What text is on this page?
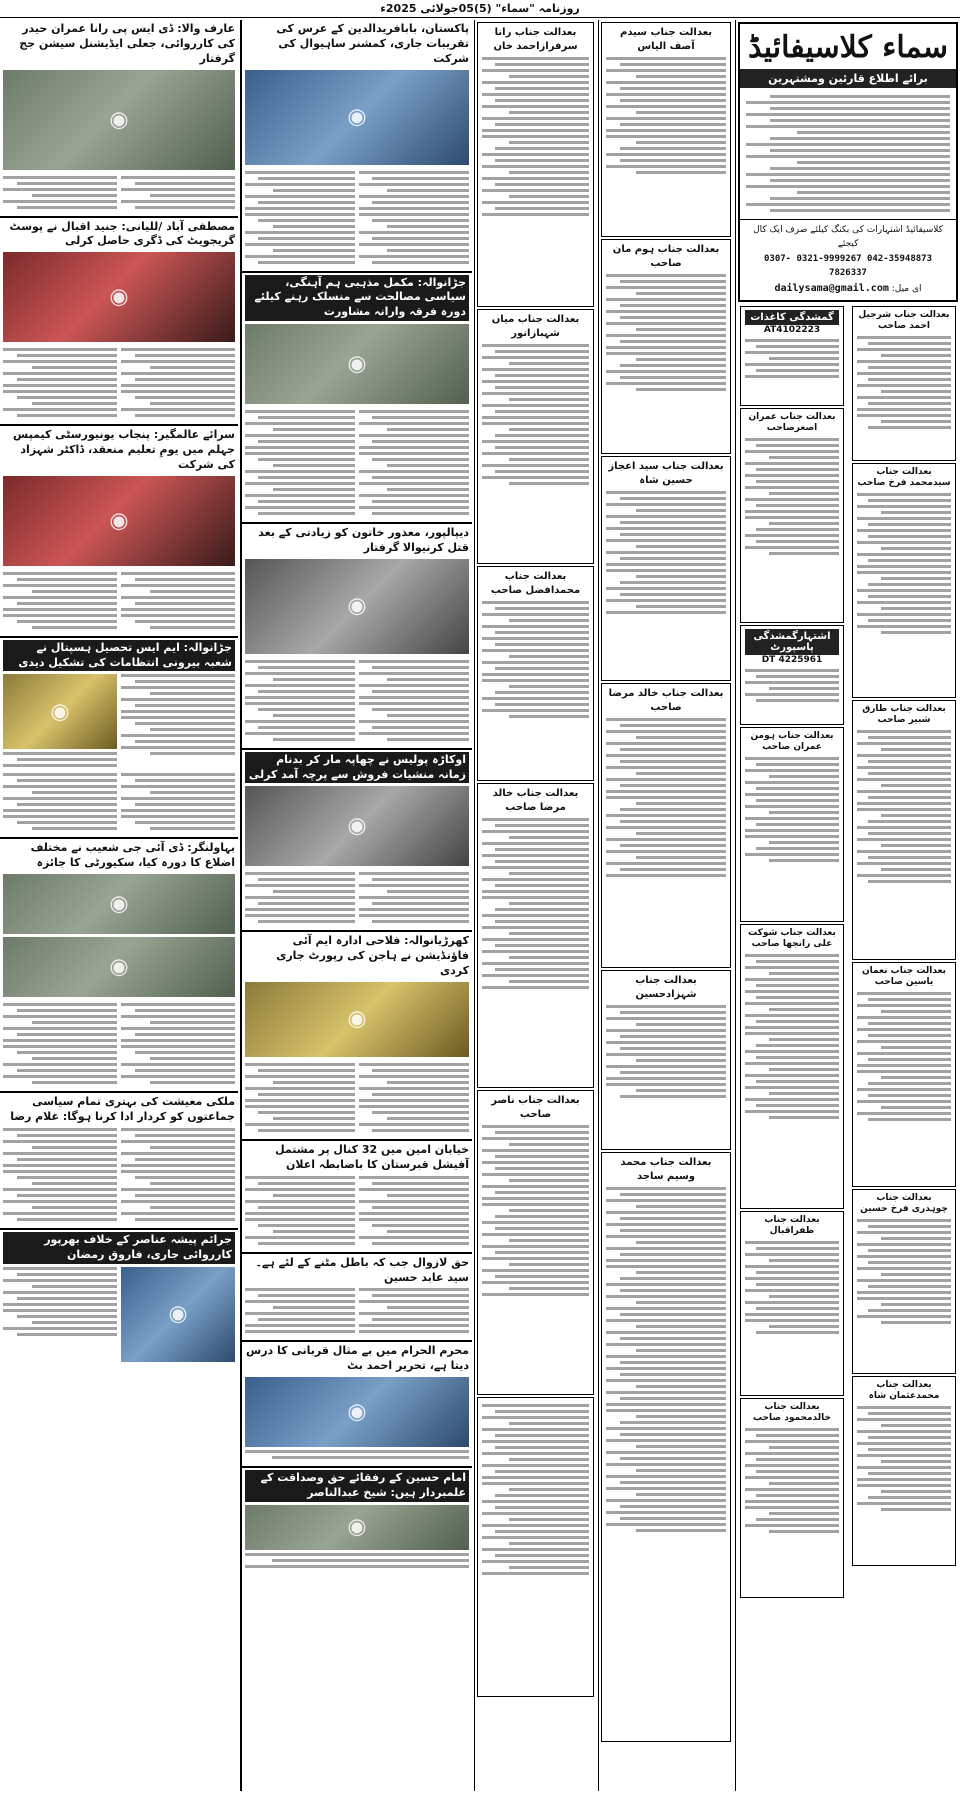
روزنامہ "سماء" (5)05جولائی 2025ء
سماء کلاسیفائیڈ
برائے اطلاع قارئین ومشتہرین
کلاسیفائیڈ اشتہارات کی بکنگ کیلئے صرف ایک کال کیجئے
042-35948873 0321-9999267 0307-7826337
ای میل: dailysama@gmail.com
بعدالت جناب شرجیل احمد صاحب
بعدالت جناب سیدمحمد فرخ صاحب
بعدالت جناب طارق شبیر صاحب
بعدالت جناب نعمان یاسین صاحب
بعدالت جناب چوہدری فرخ حسین
بعدالت جناب محمدعثمان شاہ
گمشدگی کاغذات
AT4102223
بعدالت جناب عمران اصغرصاحب
اشتہارگمشدگی پاسپورٹ
DT 4225961
بعدالت جناب ہومن عمران صاحب
بعدالت جناب شوکت علی رانجھا صاحب
بعدالت جناب ظفراقبال
بعدالت جناب خالدمحمود صاحب
بعدالت جناب سیدم آصف الیاس
بعدالت جناب ہوم مان صاحب
بعدالت جناب سید اعجاز حسین شاہ
بعدالت جناب خالد مرضا صاحب
بعدالت جناب شہزادحسین
بعدالت جناب محمد وسیم ساجد
بعدالت جناب رانا سرفرازاحمد خان
بعدالت جناب میاں شہبازانور
بعدالت جناب محمدافضل صاحب
بعدالت جناب خالد مرضا صاحب
بعدالت جناب ناصر صاحب
پاکستان، بابافریدالدین کے عرس کی تقریبات جاری، کمشنر ساہیوال کی شرکت
◉
جڑانوالہ: مکمل مذہبی ہم آہنگی، سیاسی مصالحت سے منسلک رہنے کیلئے دورہ فرقہ وارانہ مشاورت
◉
دیپالپور، معذور خاتون کو زیادتی کے بعد قتل کرنیوالا گرفتار
◉
اوکاڑہ پولیس نے چھاپہ مار کر بدنام زمانہ منشیات فروش سے پرچہ آمد کرلی
◉
کھرڑیانوالہ: فلاحی ادارہ ایم آئی فاؤنڈیشن نے ہاجن کی رپورٹ جاری کردی
◉
خیابان امین میں 32 کنال پر مشتمل آفیشل قبرستان کا باضابطہ اعلان
حق لازوال جب کہ باطل مٹنے کے لئے ہے۔ سید عابد حسین
محرم الحرام میں بے مثال قربانی کا درس دیتا ہے، تحریر احمد بٹ
◉
امام حسین کے رفقائے حق وصداقت کے علمبردار ہیں: شیخ عبدالناصر
◉
عارف والا: ڈی ایس پی رانا عمران حیدر کی کارروائی، جعلی ایڈیشنل سیشن جج گرفتار
◉
مصطفی آباد /للیانی: جنید اقبال نے پوسٹ گریجویٹ کی ڈگری حاصل کرلی
◉
سرائے عالمگیر: پنجاب یونیورسٹی کیمپس جہلم میں یومِ تعلیم منعقد، ڈاکٹر شہزاد کی شرکت
◉
جڑانوالہ: ایم ایس تحصیل ہسپتال نے شعبہ بیرونی انتظامات کی تشکیل دیدی
◉
بہاولنگر: ڈی آئی جی شعیب نے مختلف اضلاع کا دورہ کیا، سکیورٹی کا جائزہ
◉
◉
ملکی معیشت کی بہتری تمام سیاسی جماعتوں کو کردار ادا کرنا ہوگا: غلام رضا
جرائم پیشہ عناصر کے خلاف بھرپور کارروائی جاری، فاروق رمضان
◉
